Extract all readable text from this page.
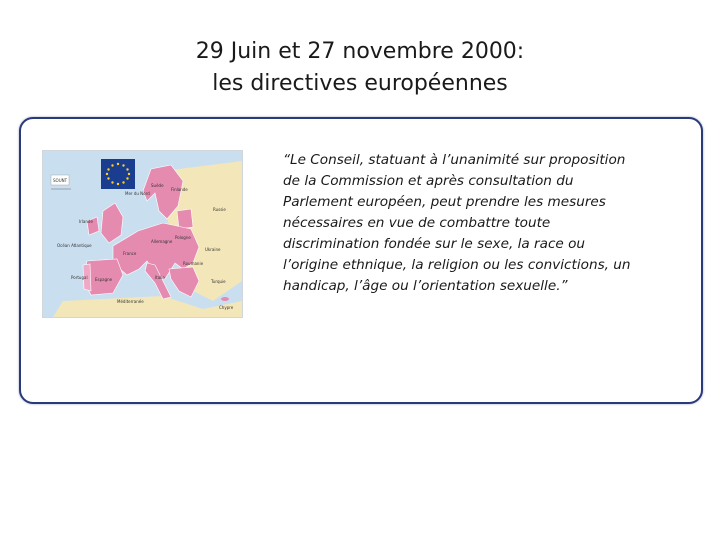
29 Juin et 27 novembre 2000:
les directives européennes
SOUNT
Mer du Nord
Finlande
Suède
Irlande
Océan Atlantique
Portugal Espagne
Méditerranée
Russie
Ukraine
Turquie
Chypre
France
Italie
Allemagne
Pologne
Roumanie
“Le Conseil, statuant à l’unanimité sur proposition
de la Commission et après consultation du
Parlement européen, peut prendre les mesures
nécessaires en vue de combattre toute
discrimination fondée sur le sexe, la race ou
l’origine ethnique, la religion ou les convictions, un
handicap, l’âge ou l’orientation sexuelle.”
